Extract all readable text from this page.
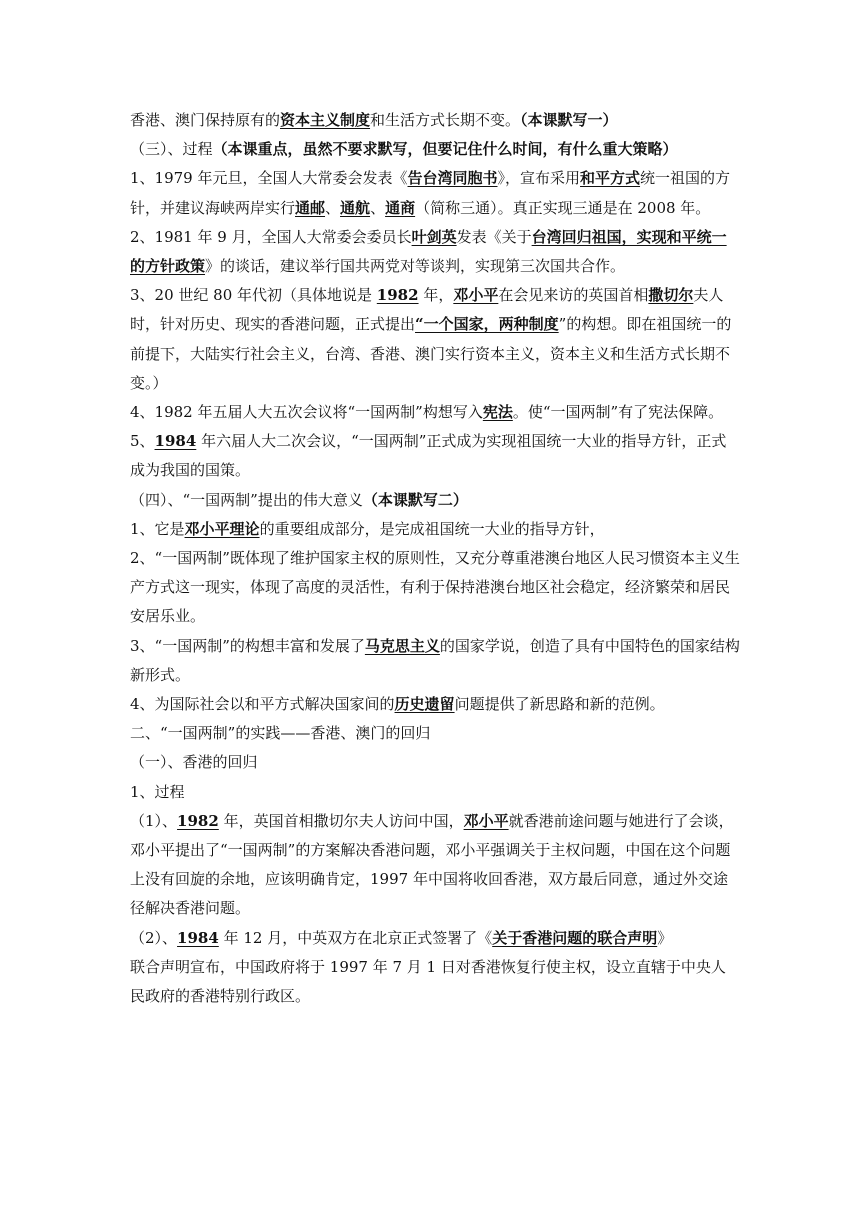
香港、澳门保持原有的资本主义制度和生活方式长期不变。（本课默写一）

（三）、过程（本课重点，虽然不要求默写，但要记住什么时间，有什么重大策略）

1、1979 年元旦，全国人大常委会发表《告台湾同胞书》，宣布采用和平方式统一祖国的方针，并建议海峡两岸实行通邮、通航、通商（简称三通）。真正实现三通是在 2008 年。

2、1981 年 9 月，全国人大常委会委员长叶剑英发表《关于台湾回归祖国，实现和平统一的方针政策》的谈话，建议举行国共两党对等谈判，实现第三次国共合作。

3、20 世纪 80 年代初（具体地说是 1982 年，邓小平在会见来访的英国首相撒切尔夫人时，针对历史、现实的香港问题，正式提出“一个国家，两种制度”的构想。即在祖国统一的前提下，大陆实行社会主义，台湾、香港、澳门实行资本主义，资本主义和生活方式长期不变。）

4、1982 年五届人大五次会议将“一国两制”构想写入宪法。使“一国两制”有了宪法保障。

5、1984 年六届人大二次会议，“一国两制”正式成为实现祖国统一大业的指导方针，正式成为我国的国策。

（四）、“一国两制”提出的伟大意义（本课默写二）

1、它是邓小平理论的重要组成部分，是完成祖国统一大业的指导方针，

2、“一国两制”既体现了维护国家主权的原则性，又充分尊重港澳台地区人民习惯资本主义生产方式这一现实，体现了高度的灵活性，有利于保持港澳台地区社会稳定，经济繁荣和居民安居乐业。

3、“一国两制”的构想丰富和发展了马克思主义的国家学说，创造了具有中国特色的国家结构新形式。

4、为国际社会以和平方式解决国家间的历史遗留问题提供了新思路和新的范例。

二、“一国两制”的实践——香港、澳门的回归

（一）、香港的回归

1、过程

（1）、1982 年，英国首相撒切尔夫人访问中国，邓小平就香港前途问题与她进行了会谈，邓小平提出了“一国两制”的方案解决香港问题，邓小平强调关于主权问题，中国在这个问题上没有回旋的余地，应该明确肯定，1997 年中国将收回香港，双方最后同意，通过外交途径解决香港问题。

（2）、1984 年 12 月，中英双方在北京正式签署了《关于香港问题的联合声明》

联合声明宣布，中国政府将于 1997 年 7 月 1 日对香港恢复行使主权，设立直辖于中央人民政府的香港特别行政区。
